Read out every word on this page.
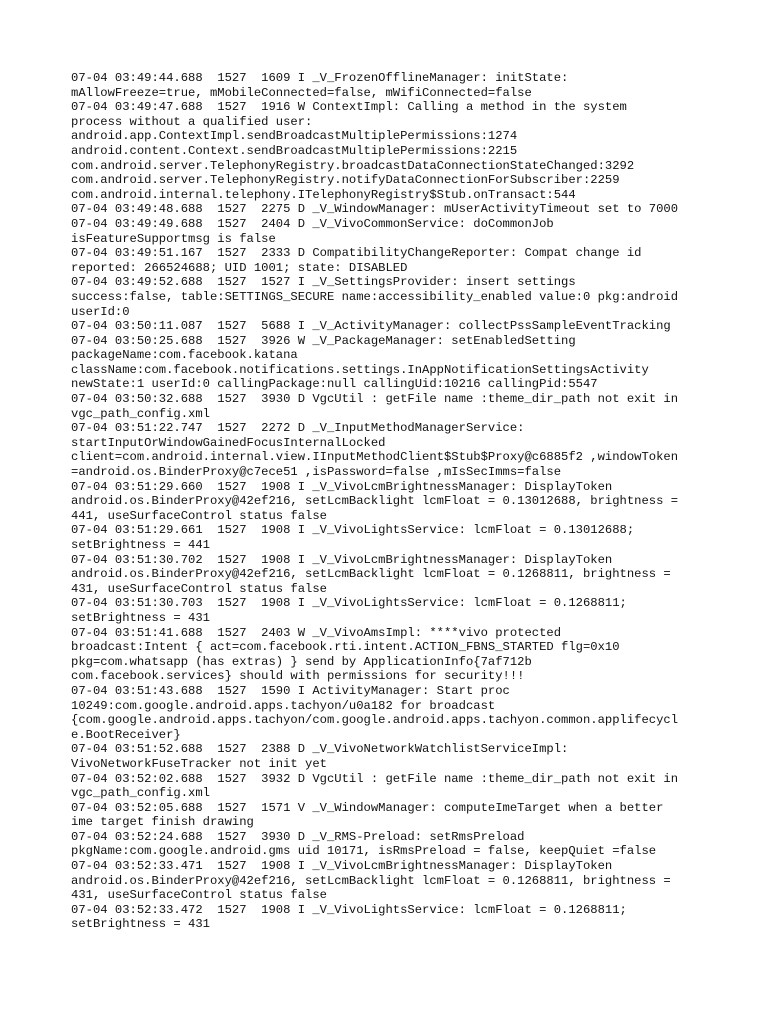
07-04 03:49:44.688  1527  1609 I _V_FrozenOfflineManager: initState:
mAllowFreeze=true, mMobileConnected=false, mWifiConnected=false
07-04 03:49:47.688  1527  1916 W ContextImpl: Calling a method in the system
process without a qualified user:
android.app.ContextImpl.sendBroadcastMultiplePermissions:1274
android.content.Context.sendBroadcastMultiplePermissions:2215
com.android.server.TelephonyRegistry.broadcastDataConnectionStateChanged:3292
com.android.server.TelephonyRegistry.notifyDataConnectionForSubscriber:2259
com.android.internal.telephony.ITelephonyRegistry$Stub.onTransact:544
07-04 03:49:48.688  1527  2275 D _V_WindowManager: mUserActivityTimeout set to 7000
07-04 03:49:49.688  1527  2404 D _V_VivoCommonService: doCommonJob
isFeatureSupportmsg is false
07-04 03:49:51.167  1527  2333 D CompatibilityChangeReporter: Compat change id
reported: 266524688; UID 1001; state: DISABLED
07-04 03:49:52.688  1527  1527 I _V_SettingsProvider: insert settings
success:false, table:SETTINGS_SECURE name:accessibility_enabled value:0 pkg:android
userId:0
07-04 03:50:11.087  1527  5688 I _V_ActivityManager: collectPssSampleEventTracking
07-04 03:50:25.688  1527  3926 W _V_PackageManager: setEnabledSetting
packageName:com.facebook.katana
className:com.facebook.notifications.settings.InAppNotificationSettingsActivity
newState:1 userId:0 callingPackage:null callingUid:10216 callingPid:5547
07-04 03:50:32.688  1527  3930 D VgcUtil : getFile name :theme_dir_path not exit in
vgc_path_config.xml
07-04 03:51:22.747  1527  2272 D _V_InputMethodManagerService:
startInputOrWindowGainedFocusInternalLocked
client=com.android.internal.view.IInputMethodClient$Stub$Proxy@c6885f2 ,windowToken
=android.os.BinderProxy@c7ece51 ,isPassword=false ,mIsSecImms=false
07-04 03:51:29.660  1527  1908 I _V_VivoLcmBrightnessManager: DisplayToken
android.os.BinderProxy@42ef216, setLcmBacklight lcmFloat = 0.13012688, brightness =
441, useSurfaceControl status false
07-04 03:51:29.661  1527  1908 I _V_VivoLightsService: lcmFloat = 0.13012688;
setBrightness = 441
07-04 03:51:30.702  1527  1908 I _V_VivoLcmBrightnessManager: DisplayToken
android.os.BinderProxy@42ef216, setLcmBacklight lcmFloat = 0.1268811, brightness =
431, useSurfaceControl status false
07-04 03:51:30.703  1527  1908 I _V_VivoLightsService: lcmFloat = 0.1268811;
setBrightness = 431
07-04 03:51:41.688  1527  2403 W _V_VivoAmsImpl: ****vivo protected
broadcast:Intent { act=com.facebook.rti.intent.ACTION_FBNS_STARTED flg=0x10
pkg=com.whatsapp (has extras) } send by ApplicationInfo{7af712b
com.facebook.services} should with permissions for security!!!
07-04 03:51:43.688  1527  1590 I ActivityManager: Start proc
10249:com.google.android.apps.tachyon/u0a182 for broadcast
{com.google.android.apps.tachyon/com.google.android.apps.tachyon.common.applifecycl
e.BootReceiver}
07-04 03:51:52.688  1527  2388 D _V_VivoNetworkWatchlistServiceImpl:
VivoNetworkFuseTracker not init yet
07-04 03:52:02.688  1527  3932 D VgcUtil : getFile name :theme_dir_path not exit in
vgc_path_config.xml
07-04 03:52:05.688  1527  1571 V _V_WindowManager: computeImeTarget when a better
ime target finish drawing
07-04 03:52:24.688  1527  3930 D _V_RMS-Preload: setRmsPreload
pkgName:com.google.android.gms uid 10171, isRmsPreload = false, keepQuiet =false
07-04 03:52:33.471  1527  1908 I _V_VivoLcmBrightnessManager: DisplayToken
android.os.BinderProxy@42ef216, setLcmBacklight lcmFloat = 0.1268811, brightness =
431, useSurfaceControl status false
07-04 03:52:33.472  1527  1908 I _V_VivoLightsService: lcmFloat = 0.1268811;
setBrightness = 431
